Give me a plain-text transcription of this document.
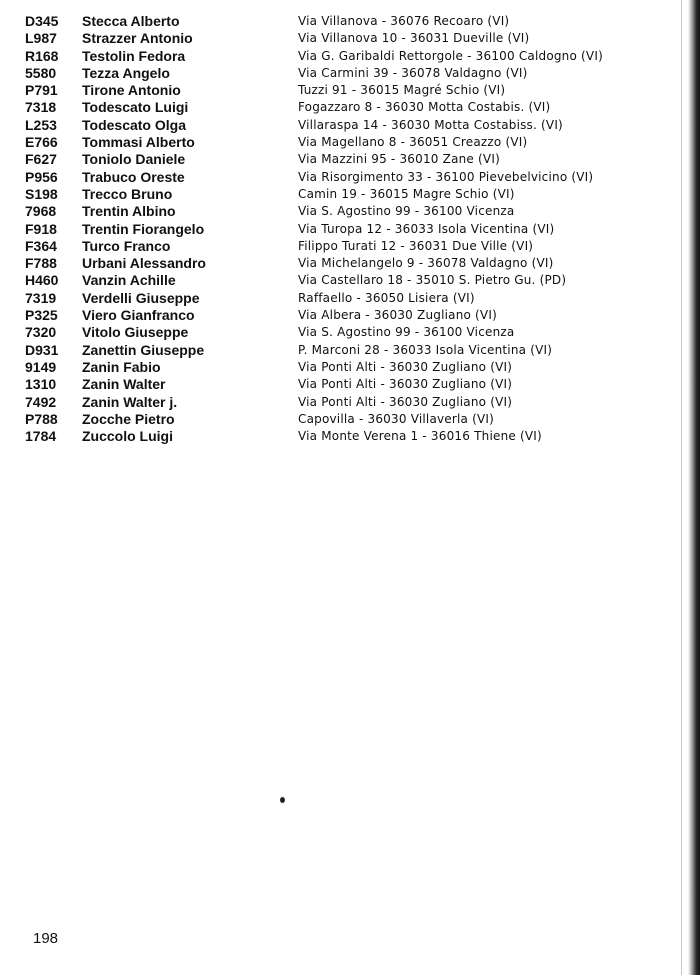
D345	Stecca Alberto	Via Villanova - 36076 Recoaro (VI)
L987	Strazzer Antonio	Via Villanova 10 - 36031 Dueville (VI)
R168	Testolin Fedora	Via G. Garibaldi Rettorgole - 36100 Caldogno (VI)
5580	Tezza Angelo	Via Carmini 39 - 36078 Valdagno (VI)
P791	Tirone Antonio	Tuzzi 91 - 36015 Magré Schio (VI)
7318	Todescato Luigi	Fogazzaro 8 - 36030 Motta Costabis. (VI)
L253	Todescato Olga	Villaraspa 14 - 36030 Motta Costabiss. (VI)
E766	Tommasi Alberto	Via Magellano 8 - 36051 Creazzo (VI)
F627	Toniolo Daniele	Via Mazzini 95 - 36010 Zane (VI)
P956	Trabuco Oreste	Via Risorgimento 33 - 36100 Pievebelvicino (VI)
S198	Trecco Bruno	Camin 19 - 36015 Magre Schio (VI)
7968	Trentin Albino	Via S. Agostino 99 - 36100 Vicenza
F918	Trentin Fiorangelo	Via Turopa 12 - 36033 Isola Vicentina (VI)
F364	Turco Franco	Filippo Turati 12 - 36031 Due Ville (VI)
F788	Urbani Alessandro	Via Michelangelo 9 - 36078 Valdagno (VI)
H460	Vanzin Achille	Via Castellaro 18 - 35010 S. Pietro Gu. (PD)
7319	Verdelli Giuseppe	Raffaello - 36050 Lisiera (VI)
P325	Viero Gianfranco	Via Albera - 36030 Zugliano (VI)
7320	Vitolo Giuseppe	Via S. Agostino 99 - 36100 Vicenza
D931	Zanettin Giuseppe	P. Marconi 28 - 36033 Isola Vicentina (VI)
9149	Zanin Fabio	Via Ponti Alti - 36030 Zugliano (VI)
1310	Zanin Walter	Via Ponti Alti - 36030 Zugliano (VI)
7492	Zanin Walter j.	Via Ponti Alti - 36030 Zugliano (VI)
P788	Zocche Pietro	Capovilla - 36030 Villaverla (VI)
1784	Zuccolo Luigi	Via Monte Verena 1 - 36016 Thiene (VI)
198
